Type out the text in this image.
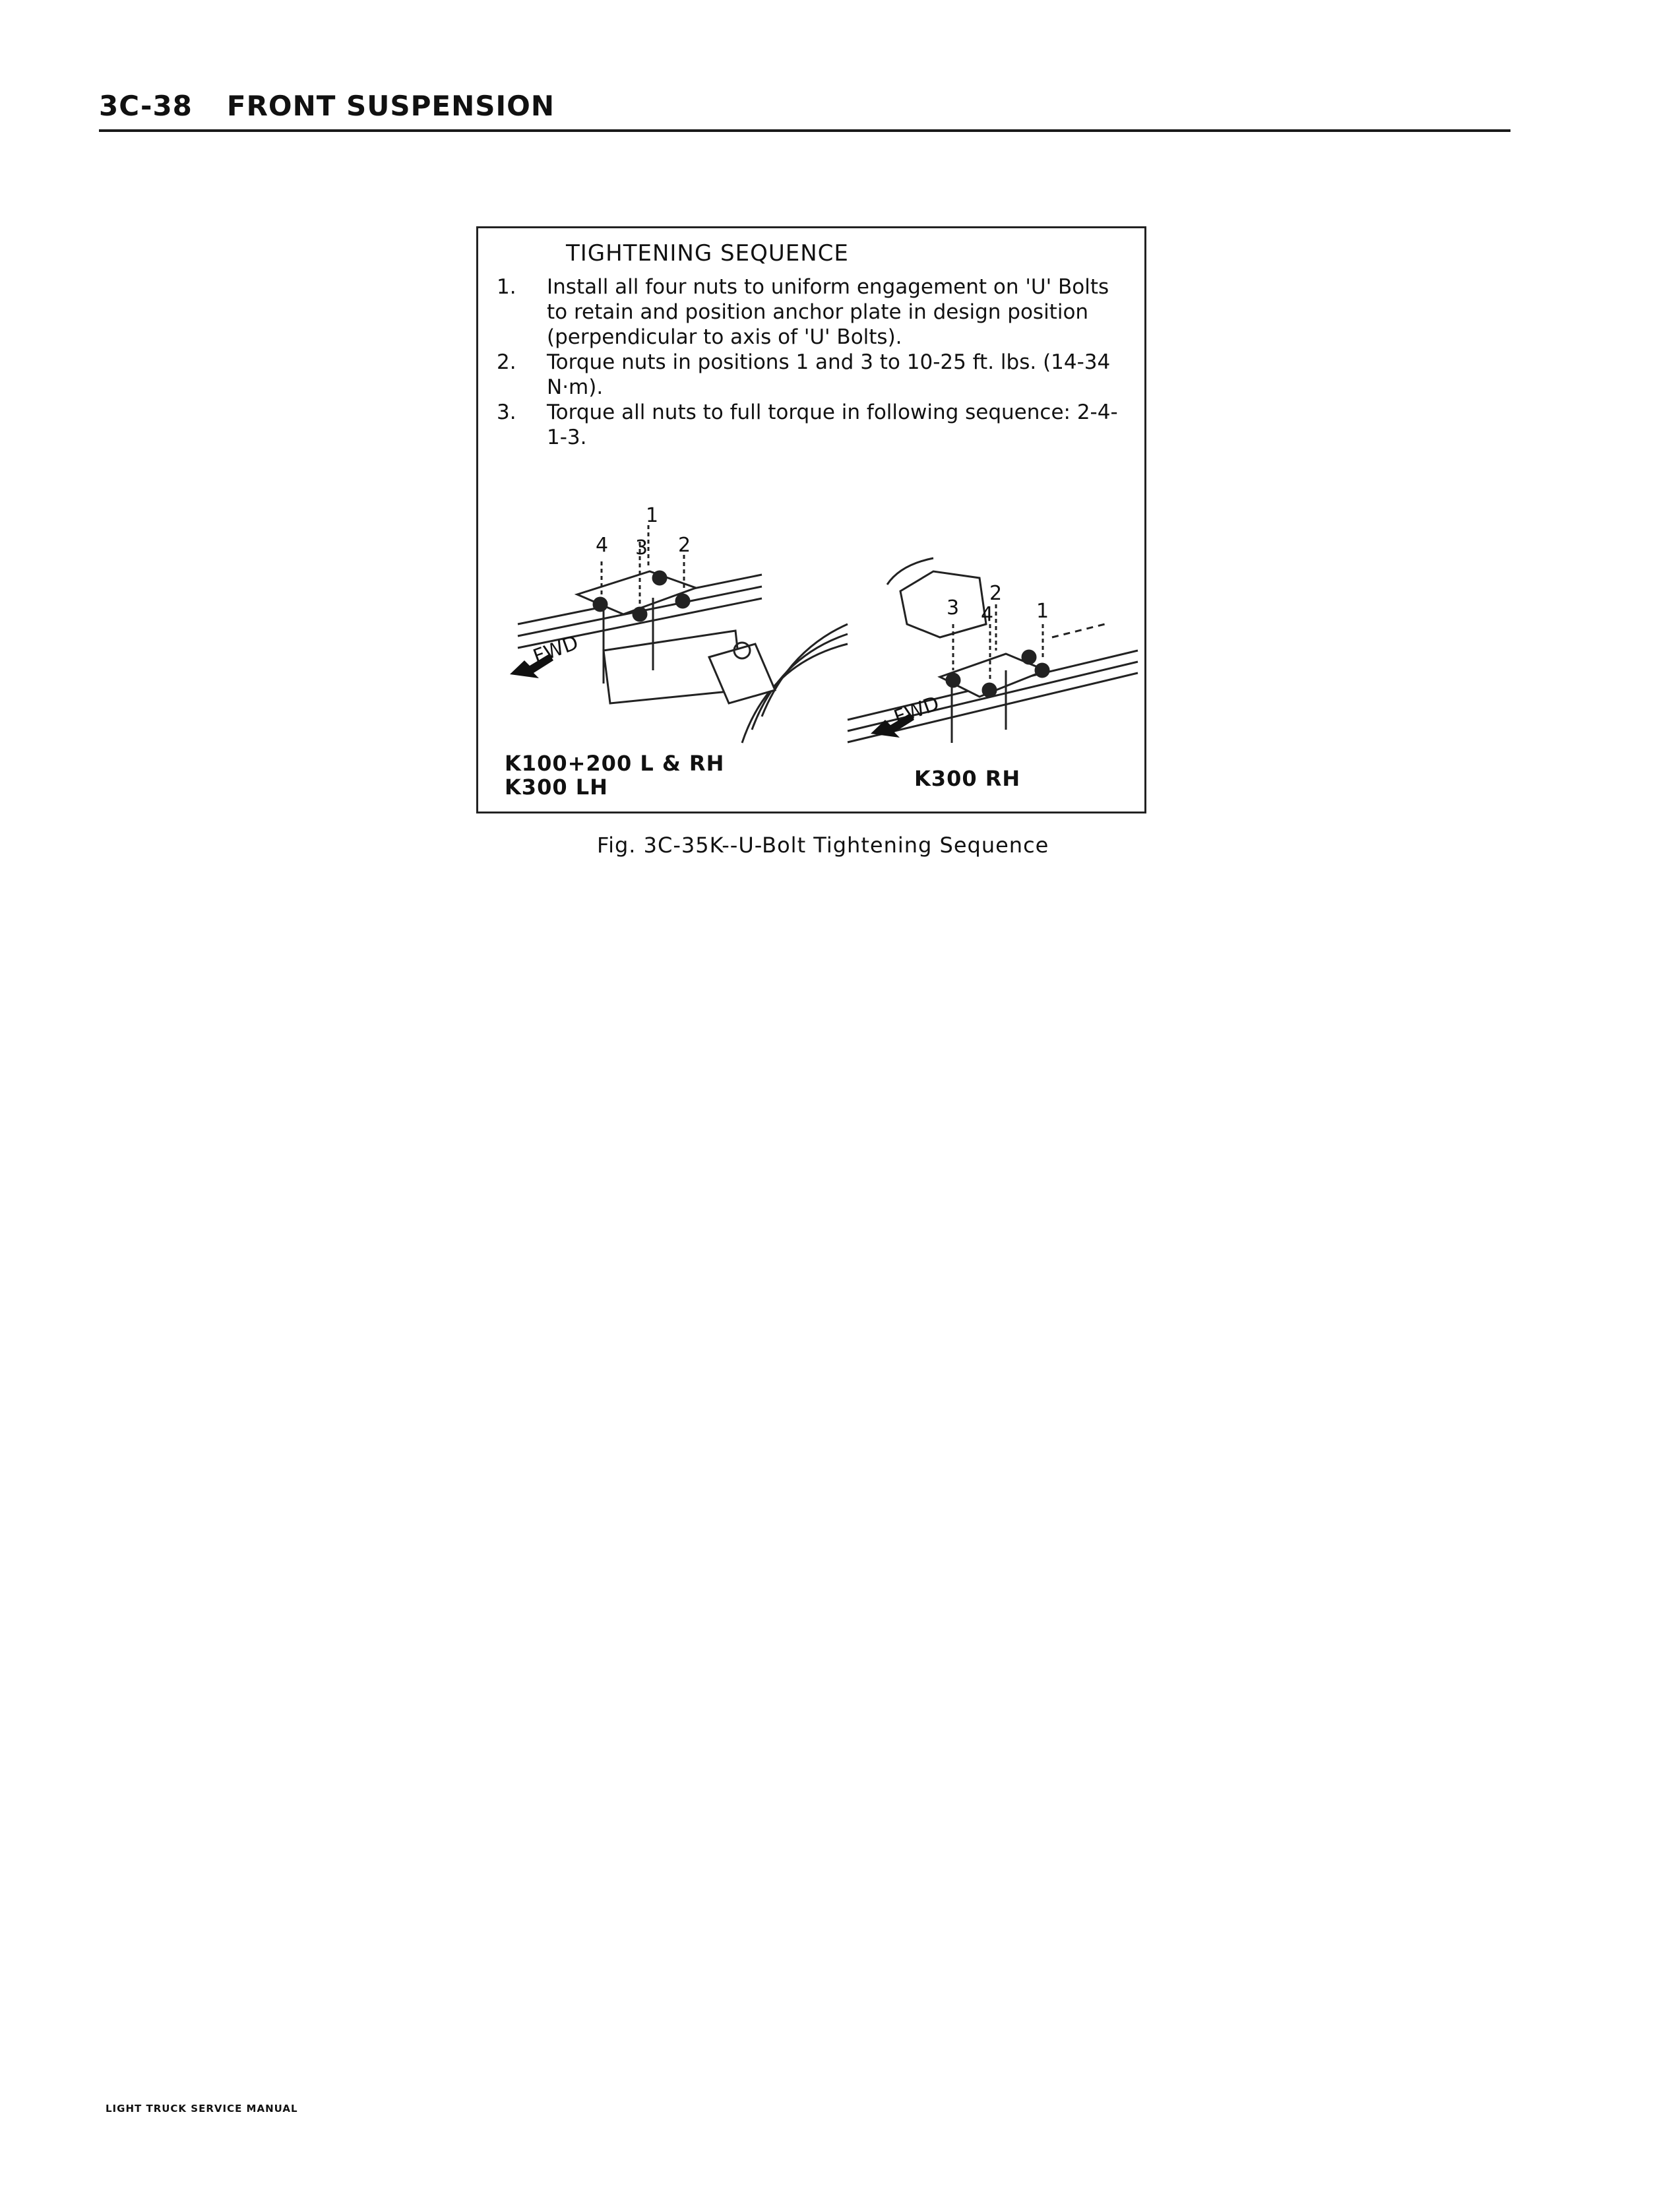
3C-38 FRONT SUSPENSION
TIGHTENING SEQUENCE
1.	Install all four nuts to uniform engagement on 'U' Bolts to retain and position anchor plate in design position (perpendicular to axis of 'U' Bolts).
2.	Torque nuts in positions 1 and 3 to 10-25 ft. lbs. (14-34 N·m).
3.	Torque all nuts to full torque in following sequence: 2-4-1-3.
FWD
1
2
3
4
FWD
1
2
3 4
K100+200 L & RH
K300 LH	K300 RH
Fig. 3C-35K--U-Bolt Tightening Sequence
LIGHT TRUCK SERVICE MANUAL
